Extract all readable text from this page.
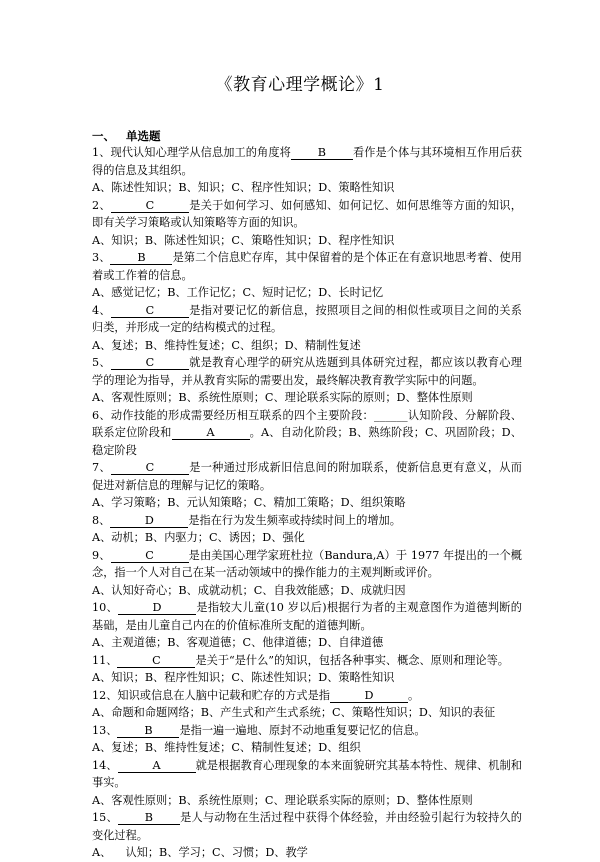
《教育心理学概论》1
一、 单选题

1、现代认知心理学从信息加工的角度将 B 看作是个体与其环境相互作用后获得的信息及其组织。

A、陈述性知识；B、知识；C、程序性知识；D、策略性知识

2、	C	是关于如何学习、如何感知、如何记忆、如何思维等方面的知识，即有关学习策略或认知策略等方面的知识。

A、知识；B、陈述性知识；C、策略性知识；D、程序性知识

3、 B 是第二个信息贮存库，其中保留着的是个体正在有意识地思考着、使用着或工作着的信息。

A、感觉记忆；B、工作记忆；C、短时记忆；D、长时记忆

4、	C	是指对要记忆的新信息，按照项目之间的相似性或项目之间的关系归类，并形成一定的结构模式的过程。

A、复述；B、维持性复述；C、组织；D、精制性复述

5、	C	就是教育心理学的研究从选题到具体研究过程，都应该以教育心理学的理论为指导，并从教育实际的需要出发，最终解决教育教学实际中的问题。

A、客观性原则；B、系统性原则；C、理论联系实际的原则；D、整体性原则

6、动作技能的形成需要经历相互联系的四个主要阶段：______认知阶段、分解阶段、联系定位阶段和	A	。A、自动化阶段；B、熟练阶段；C、巩固阶段；D、稳定阶段

7、	C	是一种通过形成新旧信息间的附加联系，使新信息更有意义，从而促进对新信息的理解与记忆的策略。

A、学习策略；B、元认知策略；C、精加工策略；D、组织策略

8、	D	是指在行为发生频率或持续时间上的增加。

A、动机；B、内驱力；C、诱因；D、强化

9、	C	是由美国心理学家班杜拉（Bandura,A）于 1977 年提出的一个概念，指一个人对自己在某一活动领域中的操作能力的主观判断或评价。

A、认知好奇心；B、成就动机；C、自我效能感；D、成就归因

10、	D	是指较大儿童(10 岁以后)根据行为者的主观意图作为道德判断的基础，是由儿童自己内在的价值标准所支配的道德判断。

A、主观道德；B、客观道德；C、他律道德；D、自律道德

11、	C	是关于“是什么”的知识，包括各种事实、概念、原则和理论等。

A、知识；B、程序性知识；C、陈述性知识；D、策略性知识

12、知识或信息在人脑中记载和贮存的方式是指	D	。

A、命题和命题网络；B、产生式和产生式系统；C、策略性知识；D、知识的表征

13、 B 是指一遍一遍地、原封不动地重复要记忆的信息。

A、复述；B、维持性复述；C、精制性复述；D、组织

14、	A	就是根据教育心理现象的本来面貌研究其基本特性、规律、机制和事实。

A、客观性原则；B、系统性原则；C、理论联系实际的原则；D、整体性原则

15、 B 是人与动物在生活过程中获得个体经验，并由经验引起行为较持久的变化过程。

A、    认知；B、学习；C、习惯；D、教学
